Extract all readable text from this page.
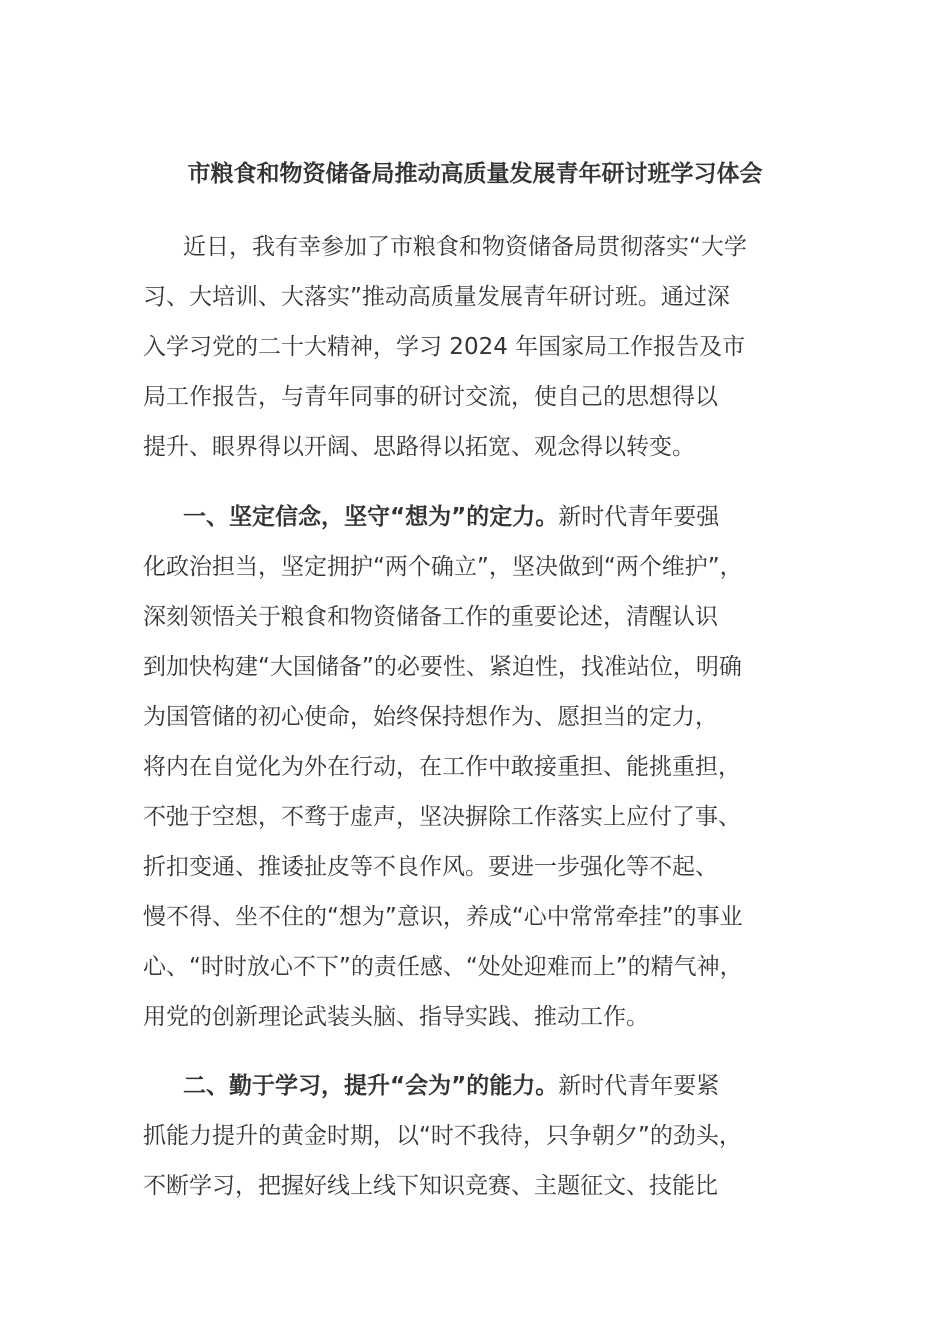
市粮食和物资储备局推动高质量发展青年研讨班学习体会
近日，我有幸参加了市粮食和物资储备局贯彻落实“大学
习、大培训、大落实”推动高质量发展青年研讨班。通过深
入学习党的二十大精神，学习 2024 年国家局工作报告及市
局工作报告，与青年同事的研讨交流，使自己的思想得以
提升、眼界得以开阔、思路得以拓宽、观念得以转变。
一、坚定信念，坚守“想为”的定力。新时代青年要强
化政治担当，坚定拥护“两个确立”，坚决做到“两个维护”，
深刻领悟关于粮食和物资储备工作的重要论述，清醒认识
到加快构建“大国储备”的必要性、紧迫性，找准站位，明确
为国管储的初心使命，始终保持想作为、愿担当的定力，
将内在自觉化为外在行动，在工作中敢接重担、能挑重担，
不弛于空想，不骛于虚声，坚决摒除工作落实上应付了事、
折扣变通、推诿扯皮等不良作风。要进一步强化等不起、
慢不得、坐不住的“想为”意识，养成“心中常常牵挂”的事业
心、“时时放心不下”的责任感、“处处迎难而上”的精气神，
用党的创新理论武装头脑、指导实践、推动工作。
二、勤于学习，提升“会为”的能力。新时代青年要紧
抓能力提升的黄金时期，以“时不我待，只争朝夕”的劲头，
不断学习，把握好线上线下知识竞赛、主题征文、技能比
